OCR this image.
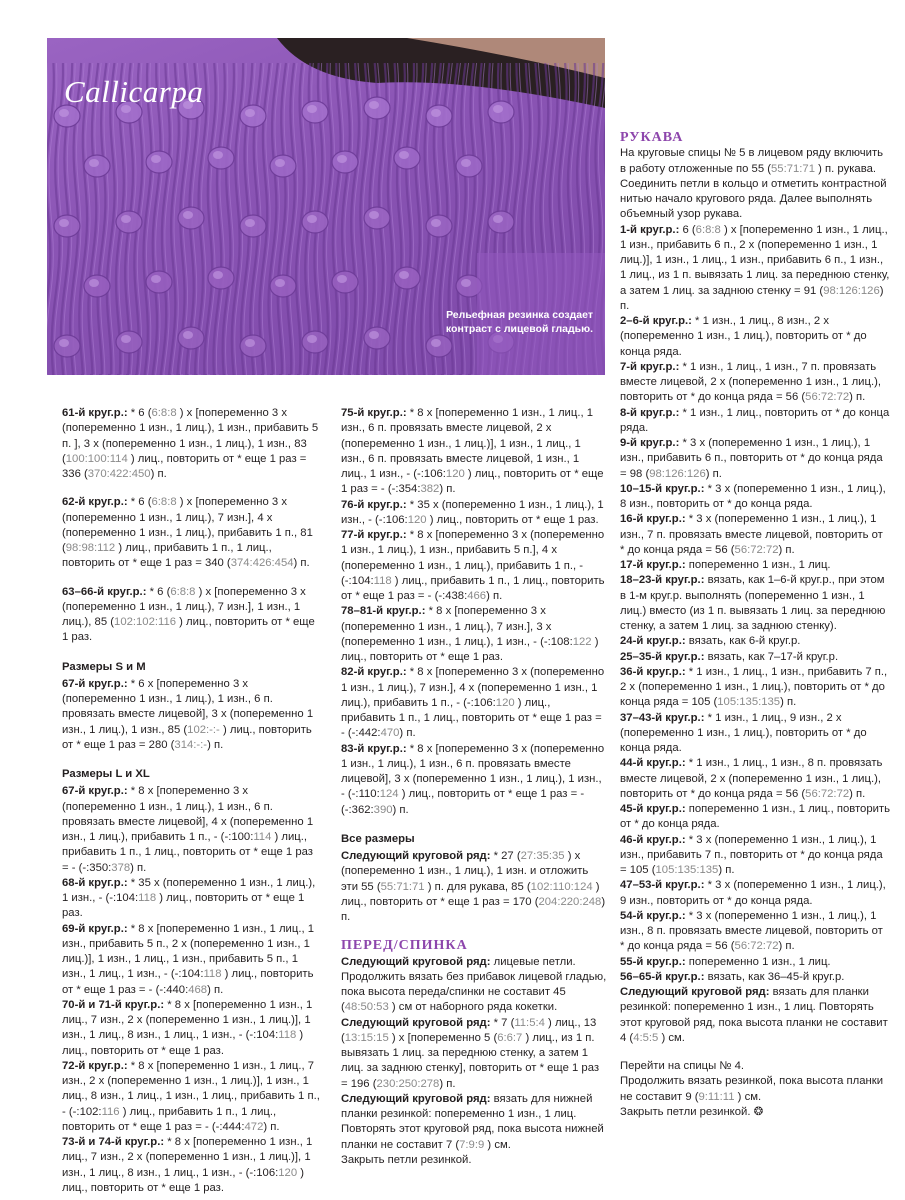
Callicarpa
Рельефная резинка создает контраст с лицевой гладью.

61-й круг.р.: * 6 (6:8:8 ) х [попеременно 3 х (попеременно 1 изн., 1 лиц.), 1 изн., прибавить 5 п. ], 3 х (попеременно 1 изн., 1 лиц.), 1 изн., 83 (100:100:114 ) лиц., повторить от * еще 1 раз = 336 (370:422:450) п.

62-й круг.р.: * 6 (6:8:8 ) х [попеременно 3 х (попеременно 1 изн., 1 лиц.), 7 изн.], 4 х (попеременно 1 изн., 1 лиц.), прибавить 1 п., 81 (98:98:112 ) лиц., прибавить 1 п., 1 лиц., повторить от * еще 1 раз = 340 (374:426:454) п.

63–66-й круг.р.: * 6 (6:8:8 ) х [попеременно 3 х (попеременно 1 изн., 1 лиц.), 7 изн.], 1 изн., 1 лиц.), 85 (102:102:116 ) лиц., повторить от * еще 1 раз.

Размеры S и M

67-й круг.р.: * 6 х [попеременно 3 х (попеременно 1 изн., 1 лиц.), 1 изн., 6 п. провязать вместе лицевой], 3 х (попеременно 1 изн., 1 лиц.), 1 изн., 85 (102:-:- ) лиц., повторить от * еще 1 раз = 280 (314:-:-) п.

Размеры L и XL

67-й круг.р.: * 8 х [попеременно 3 х (попеременно 1 изн., 1 лиц.), 1 изн., 6 п. провязать вместе лицевой], 4 х (попеременно 1 изн., 1 лиц.), прибавить 1 п., - (-:100:114 ) лиц., прибавить 1 п., 1 лиц., повторить от * еще 1 раз = - (-:350:378) п.

68-й круг.р.: * 35 х (попеременно 1 изн., 1 лиц.), 1 изн., - (-:104:118 ) лиц., повторить от * еще 1 раз.

69-й круг.р.: * 8 х [попеременно 1 изн., 1 лиц., 1 изн., прибавить 5 п., 2 х (попеременно 1 изн., 1 лиц.)], 1 изн., 1 лиц., 1 изн., прибавить 5 п., 1 изн., 1 лиц., 1 изн., - (-:104:118 ) лиц., повторить от * еще 1 раз = - (-:440:468) п.

70-й и 71-й круг.р.: * 8 х [попеременно 1 изн., 1 лиц., 7 изн., 2 х (попеременно 1 изн., 1 лиц.)], 1 изн., 1 лиц., 8 изн., 1 лиц., 1 изн., - (-:104:118 ) лиц., повторить от * еще 1 раз.

72-й круг.р.: * 8 х [попеременно 1 изн., 1 лиц., 7 изн., 2 х (попеременно 1 изн., 1 лиц.)], 1 изн., 1 лиц., 8 изн., 1 лиц., 1 изн., 1 лиц., прибавить 1 п., - (-:102:116 ) лиц., прибавить 1 п., 1 лиц., повторить от * еще 1 раз = - (-:444:472) п.

73-й и 74-й круг.р.: * 8 х [попеременно 1 изн., 1 лиц., 7 изн., 2 х (попеременно 1 изн., 1 лиц.)], 1 изн., 1 лиц., 8 изн., 1 лиц., 1 изн., - (-:106:120 ) лиц., повторить от * еще 1 раз.

75-й круг.р.: * 8 х [попеременно 1 изн., 1 лиц., 1 изн., 6 п. провязать вместе лицевой, 2 х (попеременно 1 изн., 1 лиц.)], 1 изн., 1 лиц., 1 изн., 6 п. провязать вместе лицевой, 1 изн., 1 лиц., 1 изн., - (-:106:120 ) лиц., повторить от * еще 1 раз = - (-:354:382) п.

76-й круг.р.: * 35 х (попеременно 1 изн., 1 лиц.), 1 изн., - (-:106:120 ) лиц., повторить от * еще 1 раз.

77-й круг.р.: * 8 х [попеременно 3 х (попеременно 1 изн., 1 лиц.), 1 изн., прибавить 5 п.], 4 х (попеременно 1 изн., 1 лиц.), прибавить 1 п., - (-:104:118 ) лиц., прибавить 1 п., 1 лиц., повторить от * еще 1 раз = - (-:438:466) п.

78–81-й круг.р.: * 8 х [попеременно 3 х (попеременно 1 изн., 1 лиц.), 7 изн.], 3 х (попеременно 1 изн., 1 лиц.), 1 изн., - (-:108:122 ) лиц., повторить от * еще 1 раз.

82-й круг.р.: * 8 х [попеременно 3 х (попеременно 1 изн., 1 лиц.), 7 изн.], 4 х (попеременно 1 изн., 1 лиц.), прибавить 1 п., - (-:106:120 ) лиц., прибавить 1 п., 1 лиц., повторить от * еще 1 раз = - (-:442:470) п.

83-й круг.р.: * 8 х [попеременно 3 х (попеременно 1 изн., 1 лиц.), 1 изн., 6 п. провязать вместе лицевой], 3 х (попеременно 1 изн., 1 лиц.), 1 изн., - (-:110:124 ) лиц., повторить от * еще 1 раз = - (-:362:390) п.

Все размеры

Следующий круговой ряд: * 27 (27:35:35 ) х (попеременно 1 изн., 1 лиц.), 1 изн. и отложить эти 55 (55:71:71 ) п. для рукава, 85 (102:110:124 ) лиц., повторить от * еще 1 раз = 170 (204:220:248) п.

ПЕРЕД/СПИНКА

Следующий круговой ряд: лицевые петли. Продолжить вязать без прибавок лицевой гладью, пока высота переда/спинки не составит 45 (48:50:53 ) см от наборного ряда кокетки.

Следующий круговой ряд: * 7 (11:5:4 ) лиц., 13 (13:15:15 ) х [попеременно 5 (6:6:7 ) лиц., из 1 п. вывязать 1 лиц. за переднюю стенку, а затем 1 лиц. за заднюю стенку], повторить от * еще 1 раз = 196 (230:250:278) п.

Следующий круговой ряд: вязать для нижней планки резинкой: попеременно 1 изн., 1 лиц.

Повторять этот круговой ряд, пока высота нижней планки не составит 7 (7:9:9 ) см.

Закрыть петли резинкой.

РУКАВА

На круговые спицы № 5 в лицевом ряду включить в работу отложенные по 55 (55:71:71 ) п. рукава.

Соединить петли в кольцо и отметить контрастной нитью начало кругового ряда. Далее выполнять объемный узор рукава.

1-й круг.р.: 6 (6:8:8 ) х [попеременно 1 изн., 1 лиц., 1 изн., прибавить 6 п., 2 х (попеременно 1 изн., 1 лиц.)], 1 изн., 1 лиц., 1 изн., прибавить 6 п., 1 изн., 1 лиц., из 1 п. вывязать 1 лиц. за переднюю стенку, а затем 1 лиц. за заднюю стенку = 91 (98:126:126) п.

2–6-й круг.р.: * 1 изн., 1 лиц., 8 изн., 2 х (попеременно 1 изн., 1 лиц.), повторить от * до конца ряда.

7-й круг.р.: * 1 изн., 1 лиц., 1 изн., 7 п. провязать вместе лицевой, 2 х (попеременно 1 изн., 1 лиц.), повторить от * до конца ряда = 56 (56:72:72) п.

8-й круг.р.: * 1 изн., 1 лиц., повторить от * до конца ряда.

9-й круг.р.: * 3 х (попеременно 1 изн., 1 лиц.), 1 изн., прибавить 6 п., повторить от * до конца ряда = 98 (98:126:126) п.

10–15-й круг.р.: * 3 х (попеременно 1 изн., 1 лиц.), 8 изн., повторить от * до конца ряда.

16-й круг.р.: * 3 х (попеременно 1 изн., 1 лиц.), 1 изн., 7 п. провязать вместе лицевой, повторить от * до конца ряда = 56 (56:72:72) п.

17-й круг.р.: попеременно 1 изн., 1 лиц.

18–23-й круг.р.: вязать, как 1–6-й круг.р., при этом в 1-м круг.р. выполнять (попеременно 1 изн., 1 лиц.) вместо (из 1 п. вывязать 1 лиц. за переднюю стенку, а затем 1 лиц. за заднюю стенку).

24-й круг.р.: вязать, как 6-й круг.р.

25–35-й круг.р.: вязать, как 7–17-й круг.р.

36-й круг.р.: * 1 изн., 1 лиц., 1 изн., прибавить 7 п., 2 х (попеременно 1 изн., 1 лиц.), повторить от * до конца ряда = 105 (105:135:135) п.

37–43-й круг.р.: * 1 изн., 1 лиц., 9 изн., 2 х (попеременно 1 изн., 1 лиц.), повторить от * до конца ряда.

44-й круг.р.: * 1 изн., 1 лиц., 1 изн., 8 п. провязать вместе лицевой, 2 х (попеременно 1 изн., 1 лиц.), повторить от * до конца ряда = 56 (56:72:72) п.

45-й круг.р.: попеременно 1 изн., 1 лиц., повторить от * до конца ряда.

46-й круг.р.: * 3 х (попеременно 1 изн., 1 лиц.), 1 изн., прибавить 7 п., повторить от * до конца ряда = 105 (105:135:135) п.

47–53-й круг.р.: * 3 х (попеременно 1 изн., 1 лиц.), 9 изн., повторить от * до конца ряда.

54-й круг.р.: * 3 х (попеременно 1 изн., 1 лиц.), 1 изн., 8 п. провязать вместе лицевой, повторить от * до конца ряда = 56 (56:72:72) п.

55-й круг.р.: попеременно 1 изн., 1 лиц.

56–65-й круг.р.: вязать, как 36–45-й круг.р.

Следующий круговой ряд: вязать для планки резинкой: попеременно 1 изн., 1 лиц. Повторять этот круговой ряд, пока высота планки не составит 4 (4:5:5 ) см.

Перейти на спицы № 4.

Продолжить вязать резинкой, пока высота планки не составит 9 (9:11:11 ) см.

Закрыть петли резинкой. ❂
